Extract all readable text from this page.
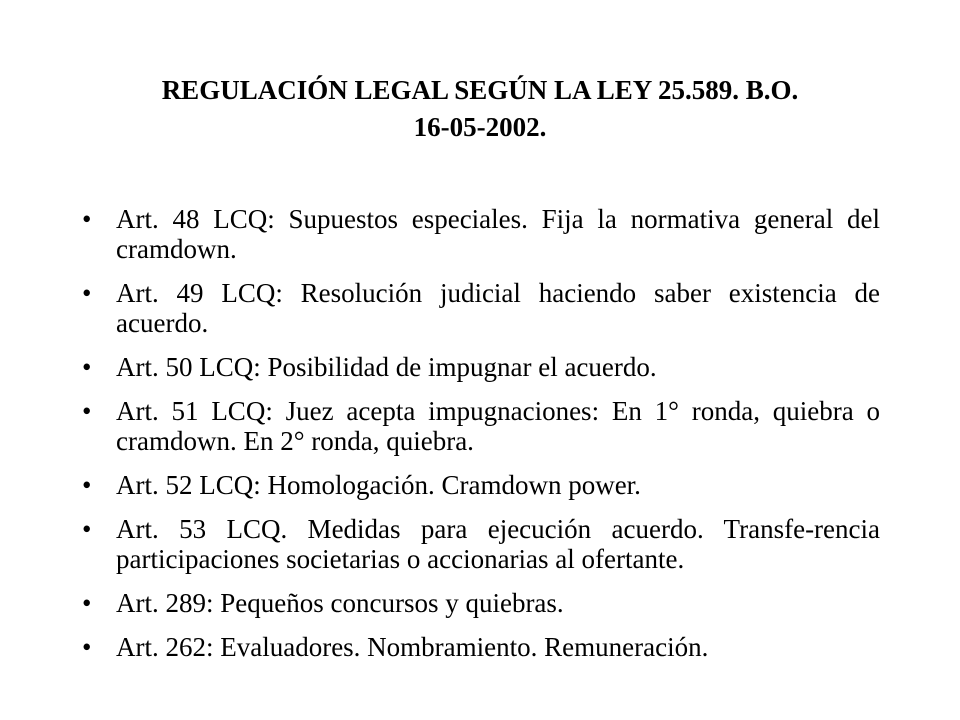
REGULACIÓN LEGAL SEGÚN LA LEY 25.589. B.O.
16-05-2002.
• Art. 48 LCQ: Supuestos especiales. Fija la normativa general del cramdown.
• Art. 49 LCQ: Resolución judicial haciendo saber existencia de acuerdo.
• Art. 50 LCQ: Posibilidad de impugnar el acuerdo.
• Art. 51 LCQ: Juez acepta impugnaciones: En 1° ronda, quiebra o cramdown. En 2° ronda, quiebra.
• Art. 52 LCQ: Homologación. Cramdown power.
• Art. 53 LCQ. Medidas para ejecución acuerdo. Transfe-rencia participaciones societarias o accionarias al ofertante.
• Art. 289: Pequeños concursos y quiebras.
• Art. 262: Evaluadores. Nombramiento. Remuneración.
